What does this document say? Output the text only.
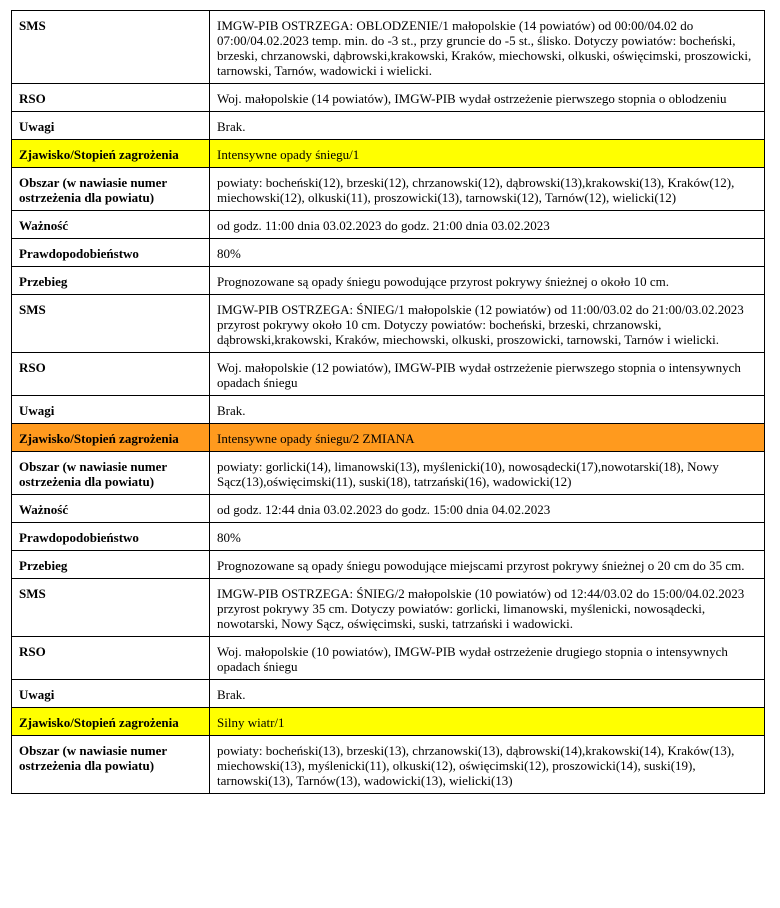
SMS	IMGW-PIB OSTRZEGA: OBLODZENIE/1 małopolskie (14 powiatów) od 00:00/04.02 do 07:00/04.02.2023 temp. min. do -3 st., przy gruncie do -5 st., ślisko. Dotyczy powiatów: bocheński, brzeski, chrzanowski, dąbrowski,krakowski, Kraków, miechowski, olkuski, oświęcimski, proszowicki, tarnowski, Tarnów, wadowicki i wielicki.
RSO	Woj. małopolskie (14 powiatów), IMGW-PIB wydał ostrzeżenie pierwszego stopnia o oblodzeniu
Uwagi	Brak.
Zjawisko/Stopień zagrożenia	Intensywne opady śniegu/1
Obszar (w nawiasie numer ostrzeżenia dla powiatu)	powiaty: bocheński(12), brzeski(12), chrzanowski(12), dąbrowski(13),krakowski(13), Kraków(12), miechowski(12), olkuski(11), proszowicki(13), tarnowski(12), Tarnów(12), wielicki(12)
Ważność	od godz. 11:00 dnia 03.02.2023 do godz. 21:00 dnia 03.02.2023
Prawdopodobieństwo	80%
Przebieg	Prognozowane są opady śniegu powodujące przyrost pokrywy śnieżnej o około 10 cm.
SMS	IMGW-PIB OSTRZEGA: ŚNIEG/1 małopolskie (12 powiatów) od 11:00/03.02 do 21:00/03.02.2023 przyrost pokrywy około 10 cm. Dotyczy powiatów: bocheński, brzeski, chrzanowski, dąbrowski,krakowski, Kraków, miechowski, olkuski, proszowicki, tarnowski, Tarnów i wielicki.
RSO	Woj. małopolskie (12 powiatów), IMGW-PIB wydał ostrzeżenie pierwszego stopnia o intensywnych opadach śniegu
Uwagi	Brak.
Zjawisko/Stopień zagrożenia	Intensywne opady śniegu/2 ZMIANA
Obszar (w nawiasie numer ostrzeżenia dla powiatu)	powiaty: gorlicki(14), limanowski(13), myślenicki(10), nowosądecki(17),nowotarski(18), Nowy Sącz(13),oświęcimski(11), suski(18), tatrzański(16), wadowicki(12)
Ważność	od godz. 12:44 dnia 03.02.2023 do godz. 15:00 dnia 04.02.2023
Prawdopodobieństwo	80%
Przebieg	Prognozowane są opady śniegu powodujące miejscami przyrost pokrywy śnieżnej o 20 cm do 35 cm.
SMS	IMGW-PIB OSTRZEGA: ŚNIEG/2 małopolskie (10 powiatów) od 12:44/03.02 do 15:00/04.02.2023 przyrost pokrywy 35 cm. Dotyczy powiatów: gorlicki, limanowski, myślenicki, nowosądecki, nowotarski, Nowy Sącz, oświęcimski, suski, tatrzański i wadowicki.
RSO	Woj. małopolskie (10 powiatów), IMGW-PIB wydał ostrzeżenie drugiego stopnia o intensywnych opadach śniegu
Uwagi	Brak.
Zjawisko/Stopień zagrożenia	Silny wiatr/1
Obszar (w nawiasie numer ostrzeżenia dla powiatu)	powiaty: bocheński(13), brzeski(13), chrzanowski(13), dąbrowski(14),krakowski(14), Kraków(13), miechowski(13), myślenicki(11), olkuski(12), oświęcimski(12), proszowicki(14), suski(19), tarnowski(13), Tarnów(13), wadowicki(13), wielicki(13)
